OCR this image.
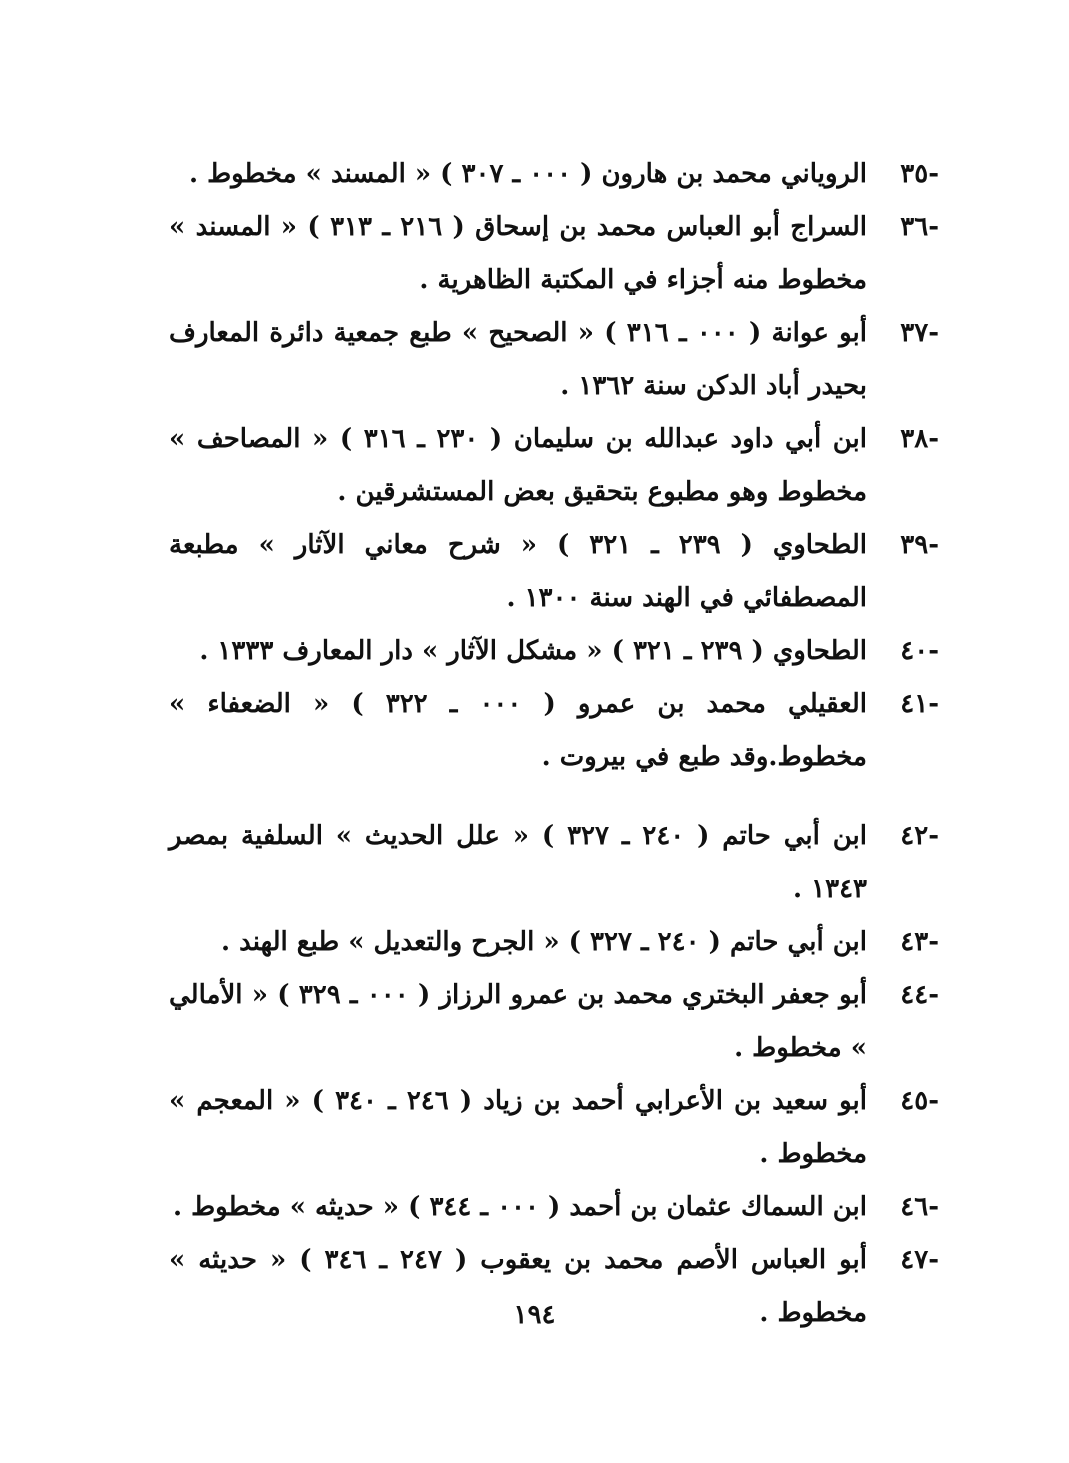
-٣٥
الروياني محمد بن هارون ( ٠٠٠ ـ ٣٠٧ ) « المسند » مخطوط .
-٣٦
السراج أبو العباس محمد بن إسحاق ( ٢١٦ ـ ٣١٣ ) « المسند » مخطوط منه أجزاء في المكتبة الظاهرية .
-٣٧
أبو عوانة ( ٠٠٠ ـ ٣١٦ ) « الصحيح » طبع جمعية دائرة المعارف بحيدر أباد الدكن سنة ١٣٦٢ .
-٣٨
ابن أبي داود عبدالله بن سليمان ( ٢٣٠ ـ ٣١٦ ) « المصاحف » مخطوط وهو مطبوع بتحقيق بعض المستشرقين .
-٣٩
الطحاوي ( ٢٣٩ ـ ٣٢١ ) « شرح معاني الآثار » مطبعة المصطفائي في الهند سنة ١٣٠٠ .
-٤٠
الطحاوي ( ٢٣٩ ـ ٣٢١ ) « مشكل الآثار » دار المعارف ١٣٣٣ .
-٤١
العقيلي محمد بن عمرو ( ٠٠٠ ـ ٣٢٢ ) « الضعفاء » مخطوط.وقد طبع في بيروت .
-٤٢
ابن أبي حاتم ( ٢٤٠ ـ ٣٢٧ ) « علل الحديث » السلفية بمصر ١٣٤٣ .
-٤٣
ابن أبي حاتم ( ٢٤٠ ـ ٣٢٧ ) « الجرح والتعديل » طبع الهند .
-٤٤
أبو جعفر البختري محمد بن عمرو الرزاز ( ٠٠٠ ـ ٣٢٩ ) « الأمالي » مخطوط .
-٤٥
أبو سعيد بن الأعرابي أحمد بن زياد ( ٢٤٦ ـ ٣٤٠ ) « المعجم » مخطوط .
-٤٦
ابن السماك عثمان بن أحمد ( ٠٠٠ ـ ٣٤٤ ) « حديثه » مخطوط .
-٤٧
أبو العباس الأصم محمد بن يعقوب ( ٢٤٧ ـ ٣٤٦ ) « حديثه » مخطوط .
١٩٤
